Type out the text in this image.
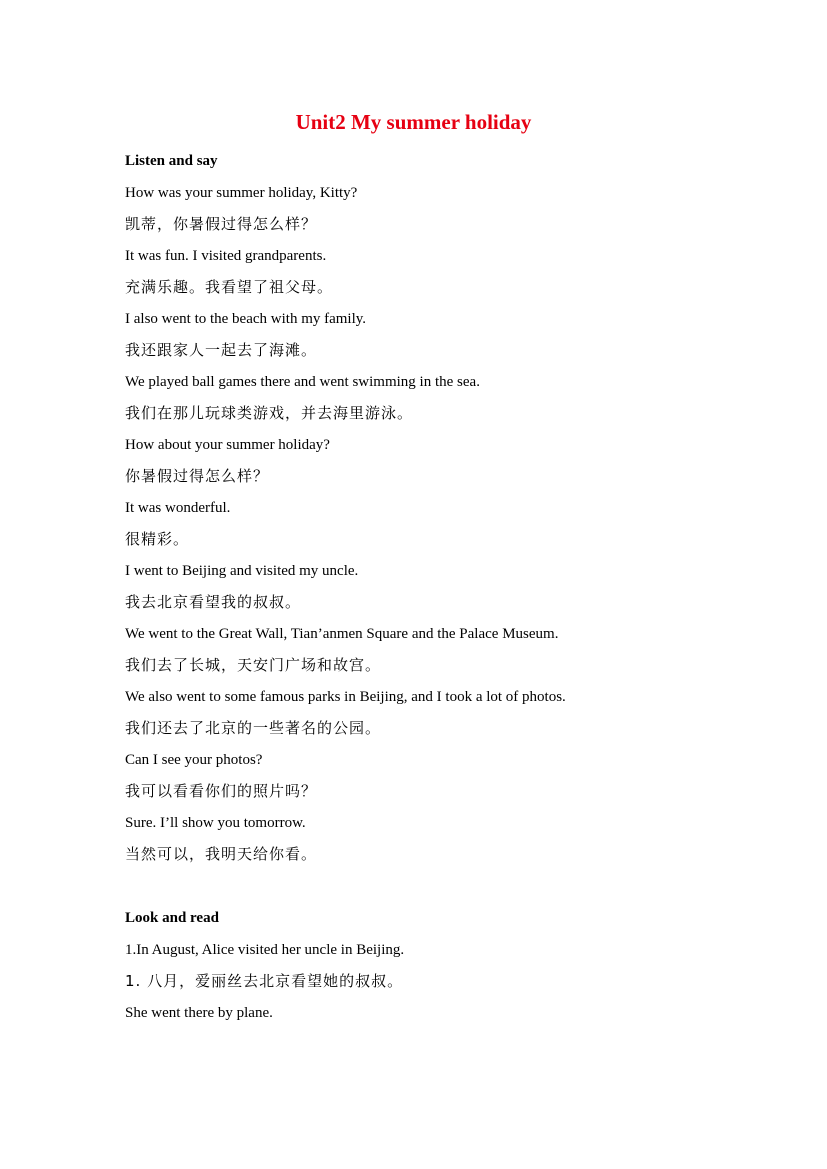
Unit2 My summer holiday
Listen and say
How was your summer holiday, Kitty?
凯蒂，你暑假过得怎么样？
It was fun. I visited grandparents.
充满乐趣。我看望了祖父母。
I also went to the beach with my family.
我还跟家人一起去了海滩。
We played ball games there and went swimming in the sea.
我们在那儿玩球类游戏，并去海里游泳。
How about your summer holiday?
你暑假过得怎么样？
It was wonderful.
很精彩。
I went to Beijing and visited my uncle.
我去北京看望我的叔叔。
We went to the Great Wall, Tian’anmen Square and the Palace Museum.
我们去了长城，天安门广场和故宫。
We also went to some famous parks in Beijing, and I took a lot of photos.
我们还去了北京的一些著名的公园。
Can I see your photos?
我可以看看你们的照片吗？
Sure. I’ll show you tomorrow.
当然可以，我明天给你看。
Look and read
1.In August, Alice visited her uncle in Beijing.
1. 八月，爱丽丝去北京看望她的叔叔。
She went there by plane.
